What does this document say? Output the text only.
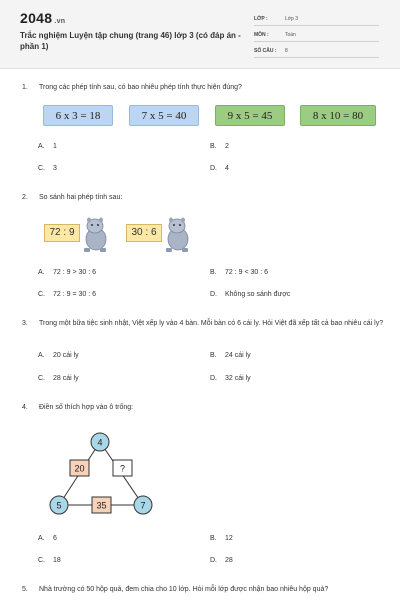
2048 .vn
Trắc nghiệm Luyện tập chung (trang 46) lớp 3 (có đáp án - phần 1)
LỚP :	Lớp 3
MÔN :	Toán
SỐ CÂU : 8
1. Trong các phép tính sau, có bao nhiêu phép tính thực hiện đúng?
6 x 3 = 18	7 x 5 = 40	9 x 5 = 45	8 x 10 = 80
A. 1	B. 2
C. 3	D. 4
2. So sánh hai phép tính sau:
72 : 9	30 : 6
A. 72 : 9 > 30 : 6	B. 72 : 9 < 30 : 6
C. 72 : 9 = 30 : 6	D. Không so sánh được
3. Trong một bữa tiệc sinh nhật, Việt xếp ly vào 4 bàn. Mỗi bàn có 6 cái ly. Hỏi Việt đã xếp tất cả bao nhiêu cái ly?
A. 20 cái ly	B. 24 cái ly
C. 28 cái ly	D. 32 cái ly
4. Điền số thích hợp vào ô trống:
4
5	7
20	?
35
A. 6	B. 12
C. 18	D. 28
5. Nhà trường có 50 hộp quà, đem chia cho 10 lớp. Hỏi mỗi lớp được nhận bao nhiêu hộp quà?
